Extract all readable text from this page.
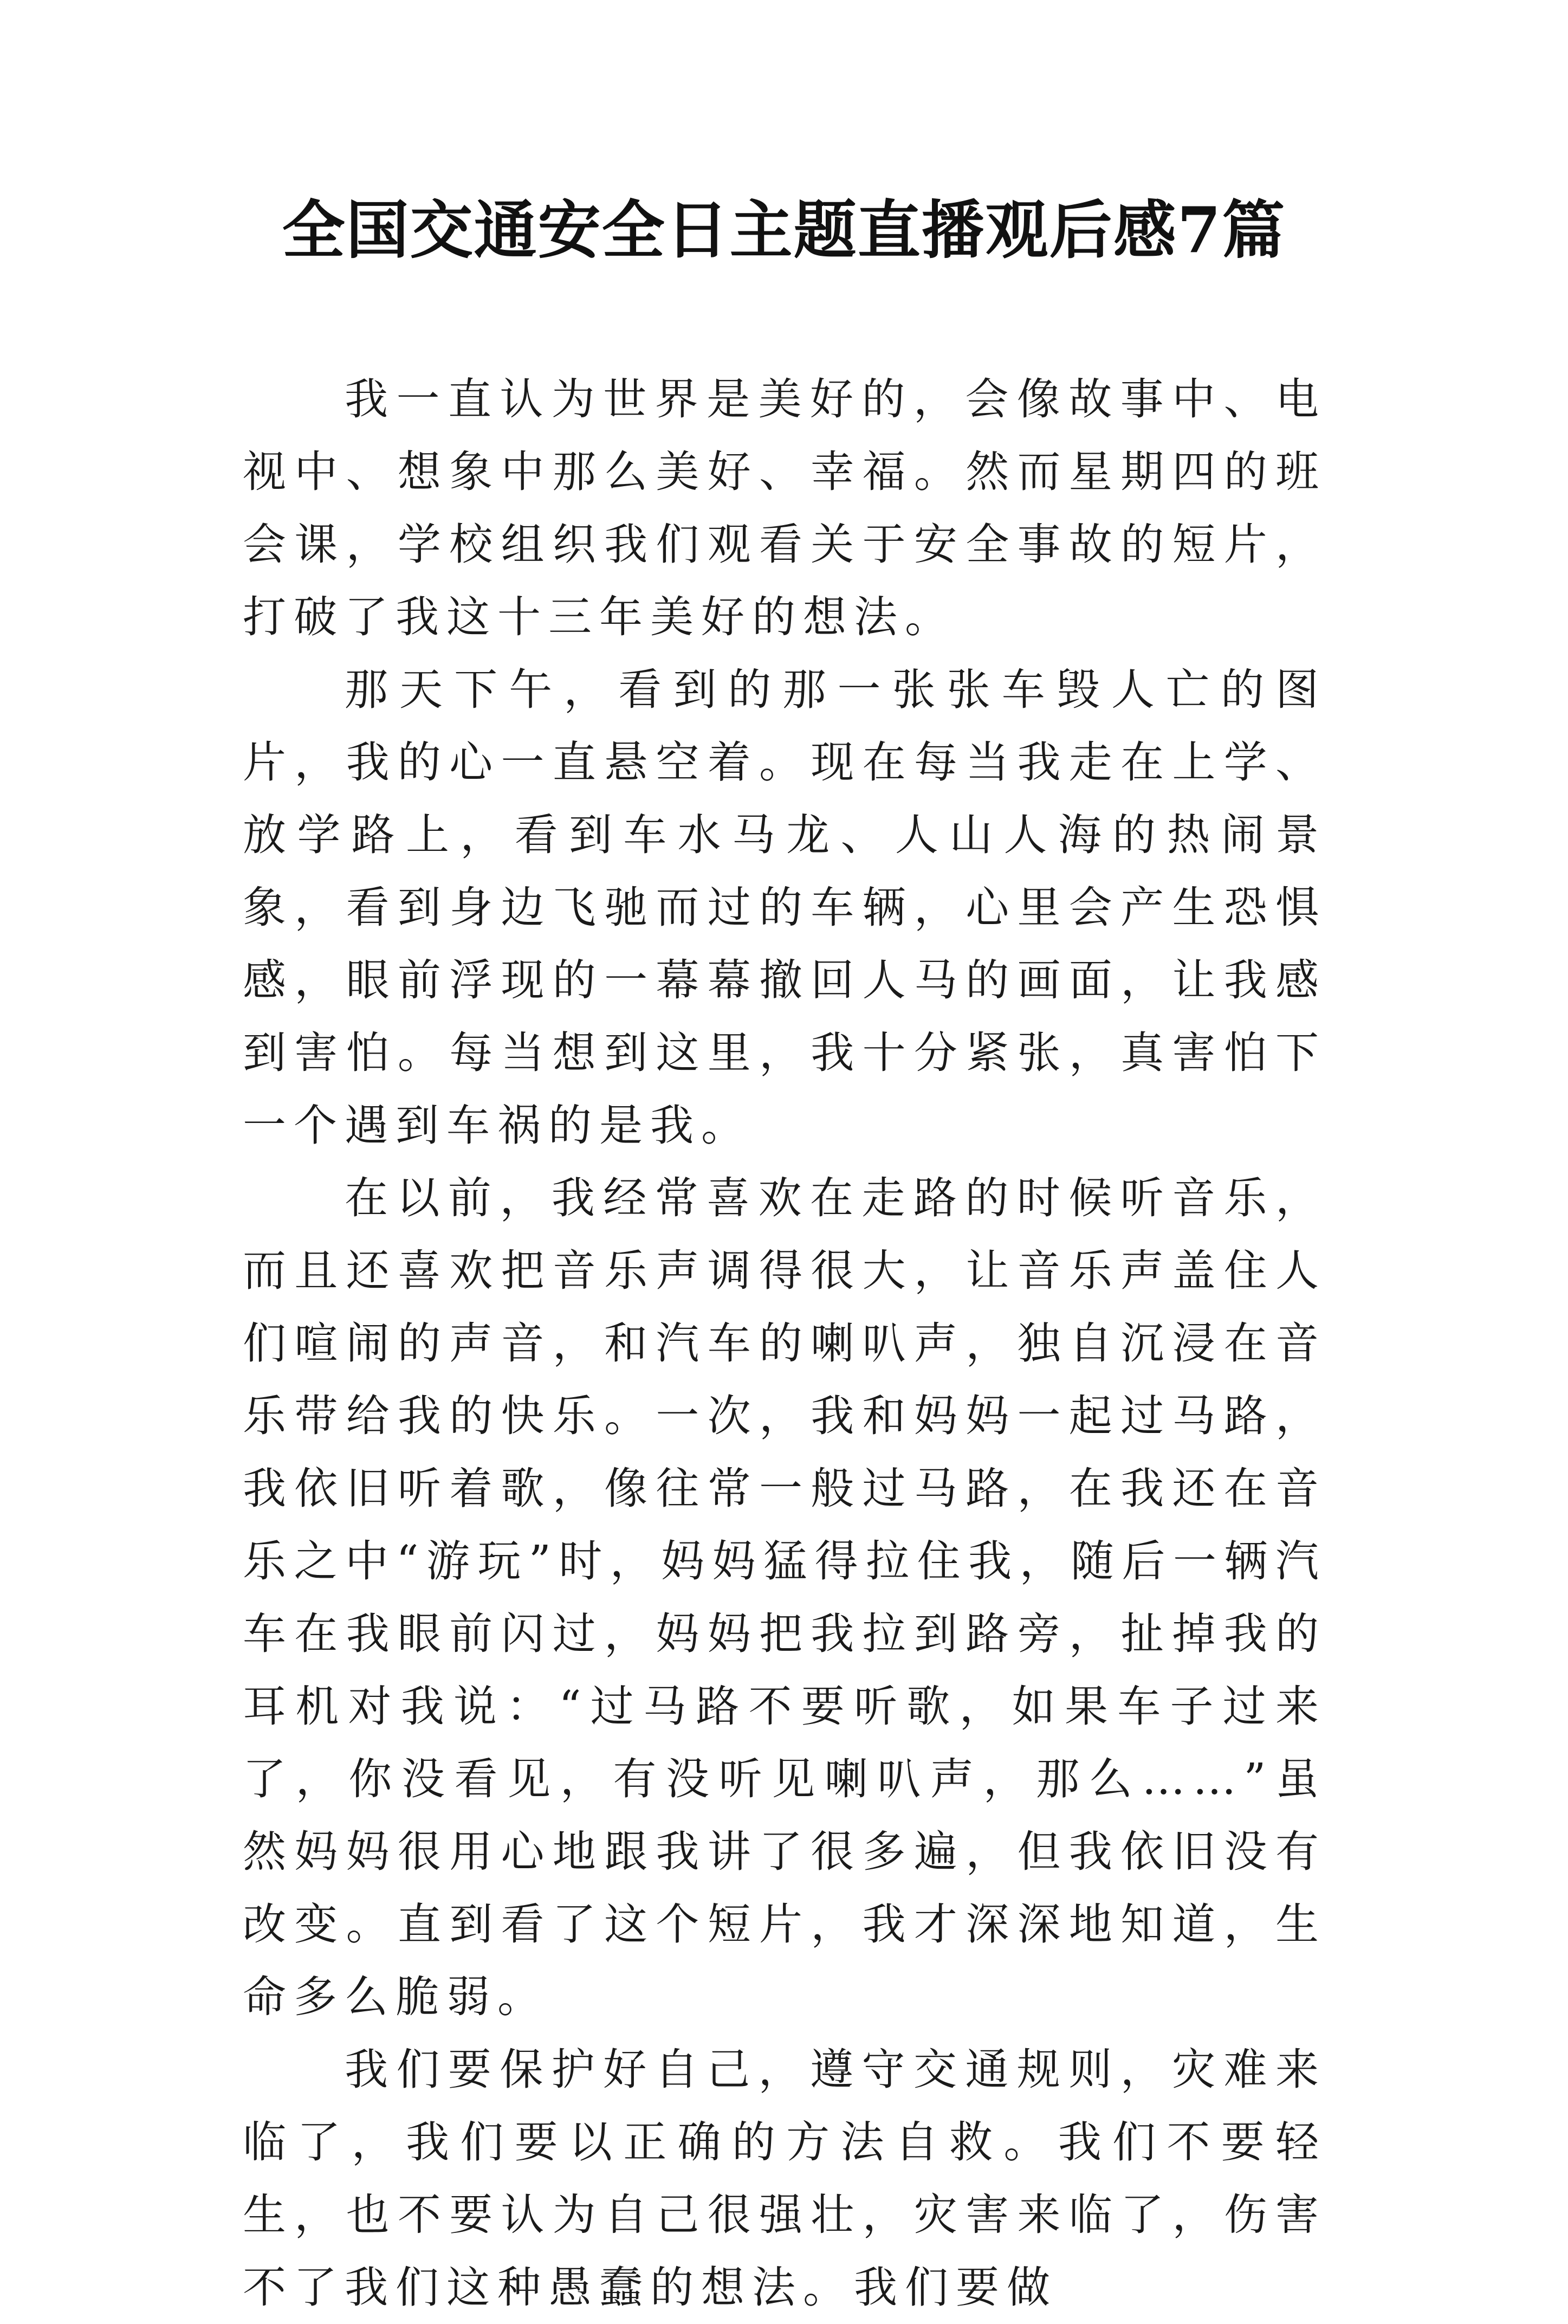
全国交通安全日主题直播观后感7篇

我一直认为世界是美好的，会像故事中、电视中、想象中那么美好、幸福。然而星期四的班会课，学校组织我们观看关于安全事故的短片，打破了我这十三年美好的想法。

那天下午，看到的那一张张车毁人亡的图片，我的心一直悬空着。现在每当我走在上学、放学路上，看到车水马龙、人山人海的热闹景象，看到身边飞驰而过的车辆，心里会产生恐惧感，眼前浮现的一幕幕撤回人马的画面，让我感到害怕。每当想到这里，我十分紧张，真害怕下一个遇到车祸的是我。

在以前，我经常喜欢在走路的时候听音乐，而且还喜欢把音乐声调得很大，让音乐声盖住人们喧闹的声音，和汽车的喇叭声，独自沉浸在音乐带给我的快乐。一次，我和妈妈一起过马路，我依旧听着歌，像往常一般过马路，在我还在音乐之中“游玩”时，妈妈猛得拉住我，随后一辆汽车在我眼前闪过，妈妈把我拉到路旁，扯掉我的耳机对我说：“过马路不要听歌，如果车子过来了，你没看见，有没听见喇叭声，那么……”虽然妈妈很用心地跟我讲了很多遍，但我依旧没有改变。直到看了这个短片，我才深深地知道，生命多么脆弱。

我们要保护好自己，遵守交通规则，灾难来临了，我们要以正确的方法自救。我们不要轻生，也不要认为自己很强壮，灾害来临了，伤害不了我们这种愚蠢的想法。我们要做
